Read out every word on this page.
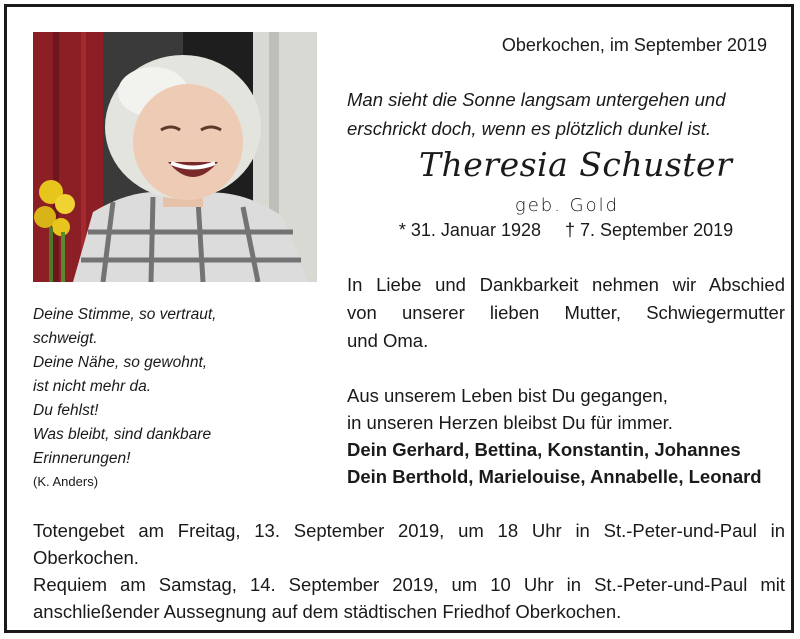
Deine Stimme, so vertraut,
schweigt.
Deine Nähe, so gewohnt,
ist nicht mehr da.
Du fehlst!
Was bleibt, sind dankbare
Erinnerungen!
(K. Anders)
Oberkochen, im September 2019
Man sieht die Sonne langsam untergehen und
erschrickt doch, wenn es plötzlich dunkel ist.
Theresia Schuster
geb. Gold
* 31. Januar 1928 † 7. September 2019
In Liebe und Dankbarkeit nehmen wir Abschied
von unserer lieben Mutter, Schwiegermutter
und Oma.
Aus unserem Leben bist Du gegangen,
in unseren Herzen bleibst Du für immer.
Dein Gerhard, Bettina, Konstantin, Johannes
Dein Berthold, Marielouise, Annabelle, Leonard
Totengebet am Freitag, 13. September 2019, um 18 Uhr in St.-Peter-und-Paul in
Oberkochen.
Requiem am Samstag, 14. September 2019, um 10 Uhr in St.-Peter-und-Paul mit
anschließender Aussegnung auf dem städtischen Friedhof Oberkochen.
